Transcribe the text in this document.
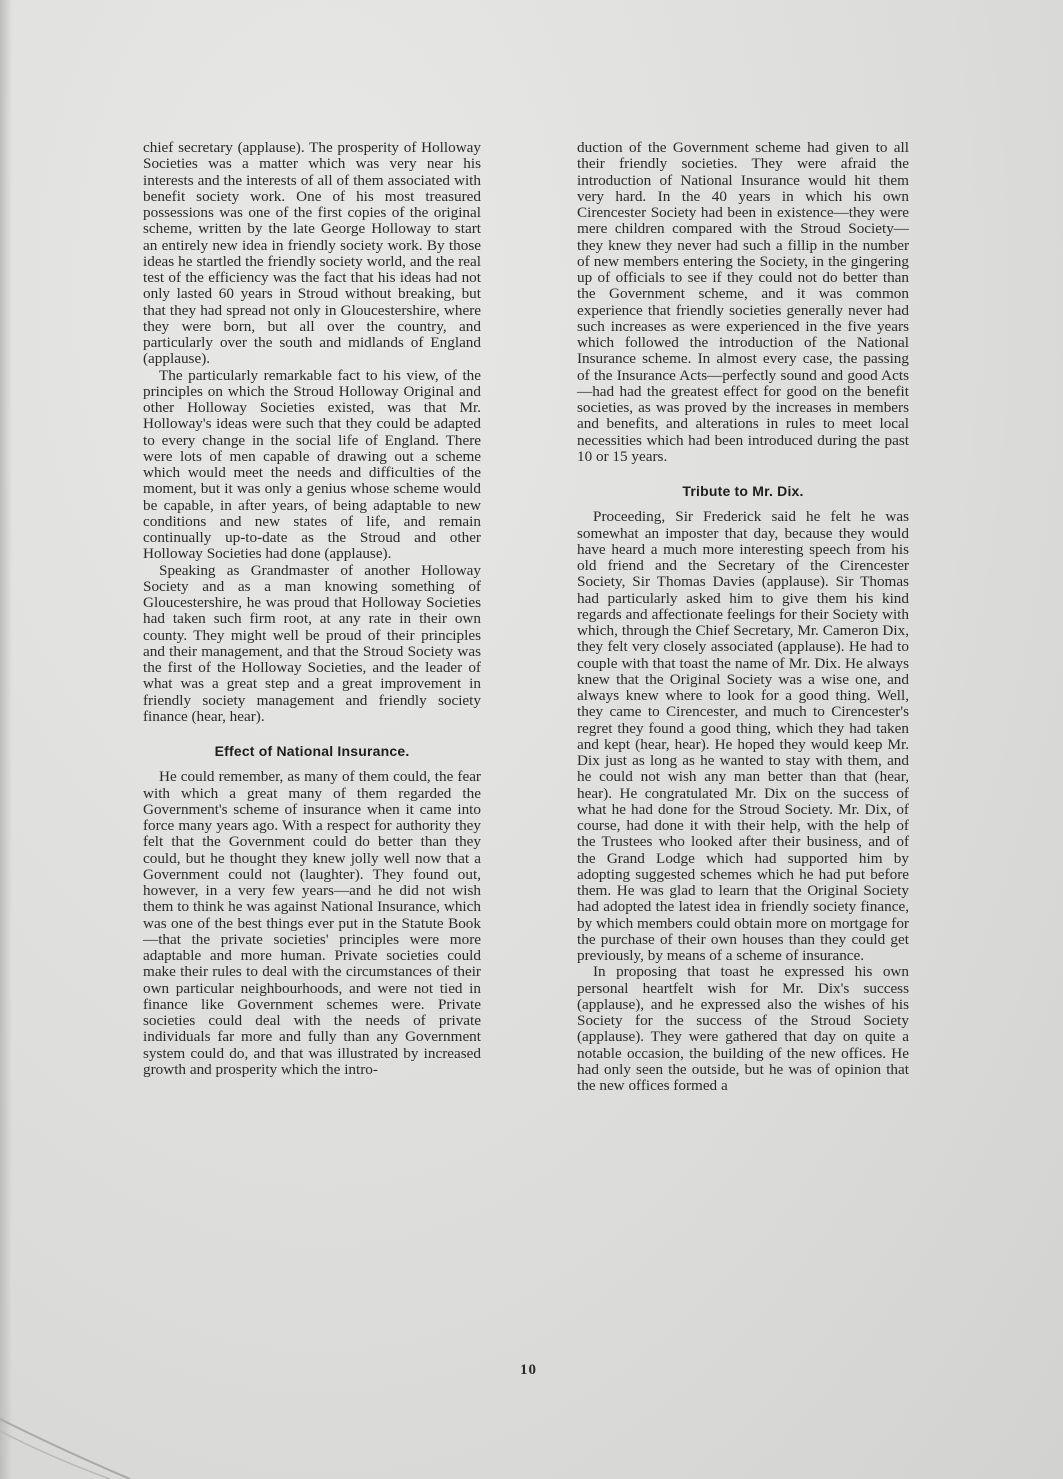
chief secretary (applause). The prosperity of Holloway Societies was a matter which was very near his interests and the interests of all of them associated with benefit society work. One of his most treasured possessions was one of the first copies of the original scheme, written by the late George Holloway to start an entirely new idea in friendly society work. By those ideas he startled the friendly society world, and the real test of the efficiency was the fact that his ideas had not only lasted 60 years in Stroud without breaking, but that they had spread not only in Gloucestershire, where they were born, but all over the country, and particularly over the south and midlands of England (applause).

The particularly remarkable fact to his view, of the principles on which the Stroud Holloway Original and other Holloway Societies existed, was that Mr. Holloway's ideas were such that they could be adapted to every change in the social life of England. There were lots of men capable of drawing out a scheme which would meet the needs and difficulties of the moment, but it was only a genius whose scheme would be capable, in after years, of being adaptable to new conditions and new states of life, and remain continually up-to-date as the Stroud and other Holloway Societies had done (applause).

Speaking as Grandmaster of another Holloway Society and as a man knowing something of Gloucestershire, he was proud that Holloway Societies had taken such firm root, at any rate in their own county. They might well be proud of their principles and their management, and that the Stroud Society was the first of the Holloway Societies, and the leader of what was a great step and a great improvement in friendly society management and friendly society finance (hear, hear).

Effect of National Insurance.

He could remember, as many of them could, the fear with which a great many of them regarded the Government's scheme of insurance when it came into force many years ago. With a respect for authority they felt that the Government could do better than they could, but he thought they knew jolly well now that a Government could not (laughter). They found out, however, in a very few years—and he did not wish them to think he was against National Insurance, which was one of the best things ever put in the Statute Book—that the private societies' principles were more adaptable and more human. Private societies could make their rules to deal with the circumstances of their own particular neighbourhoods, and were not tied in finance like Government schemes were. Private societies could deal with the needs of private individuals far more and fully than any Government system could do, and that was illustrated by increased growth and prosperity which the intro-

duction of the Government scheme had given to all their friendly societies. They were afraid the introduction of National Insurance would hit them very hard. In the 40 years in which his own Cirencester Society had been in existence—they were mere children compared with the Stroud Society—they knew they never had such a fillip in the number of new members entering the Society, in the gingering up of officials to see if they could not do better than the Government scheme, and it was common experience that friendly societies generally never had such increases as were experienced in the five years which followed the introduction of the National Insurance scheme. In almost every case, the passing of the Insurance Acts—perfectly sound and good Acts—had had the greatest effect for good on the benefit societies, as was proved by the increases in members and benefits, and alterations in rules to meet local necessities which had been introduced during the past 10 or 15 years.

Tribute to Mr. Dix.

Proceeding, Sir Frederick said he felt he was somewhat an imposter that day, because they would have heard a much more interesting speech from his old friend and the Secretary of the Cirencester Society, Sir Thomas Davies (applause). Sir Thomas had particularly asked him to give them his kind regards and affectionate feelings for their Society with which, through the Chief Secretary, Mr. Cameron Dix, they felt very closely associated (applause). He had to couple with that toast the name of Mr. Dix. He always knew that the Original Society was a wise one, and always knew where to look for a good thing. Well, they came to Cirencester, and much to Cirencester's regret they found a good thing, which they had taken and kept (hear, hear). He hoped they would keep Mr. Dix just as long as he wanted to stay with them, and he could not wish any man better than that (hear, hear). He congratulated Mr. Dix on the success of what he had done for the Stroud Society. Mr. Dix, of course, had done it with their help, with the help of the Trustees who looked after their business, and of the Grand Lodge which had supported him by adopting suggested schemes which he had put before them. He was glad to learn that the Original Society had adopted the latest idea in friendly society finance, by which members could obtain more on mortgage for the purchase of their own houses than they could get previously, by means of a scheme of insurance.

In proposing that toast he expressed his own personal heartfelt wish for Mr. Dix's success (applause), and he expressed also the wishes of his Society for the success of the Stroud Society (applause). They were gathered that day on quite a notable occasion, the building of the new offices. He had only seen the outside, but he was of opinion that the new offices formed a

10
